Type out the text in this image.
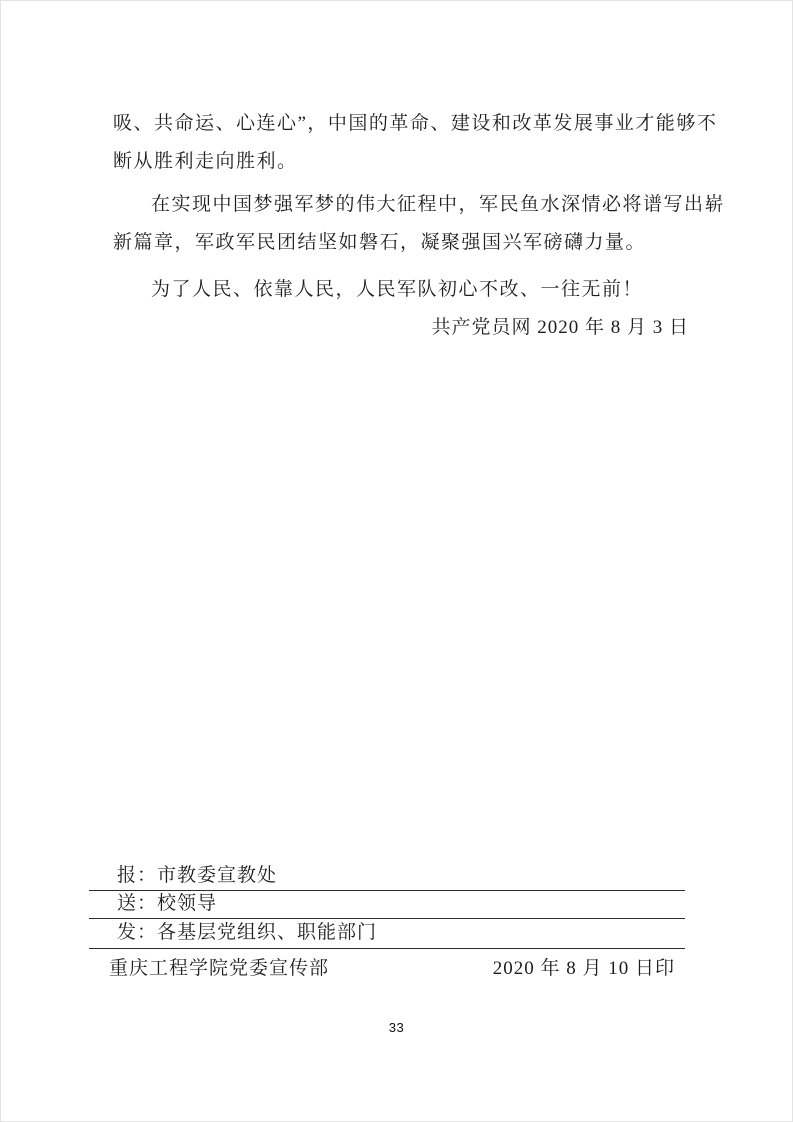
吸、共命运、心连心”，中国的革命、建设和改革发展事业才能够不
断从胜利走向胜利。
在实现中国梦强军梦的伟大征程中，军民鱼水深情必将谱写出崭
新篇章，军政军民团结坚如磐石，凝聚强国兴军磅礴力量。
为了人民、依靠人民，人民军队初心不改、一往无前！
共产党员网 2020 年 8 月 3 日
报：市教委宣教处
送：校领导
发：各基层党组织、职能部门
重庆工程学院党委宣传部	2020 年 8 月 10 日印
33
